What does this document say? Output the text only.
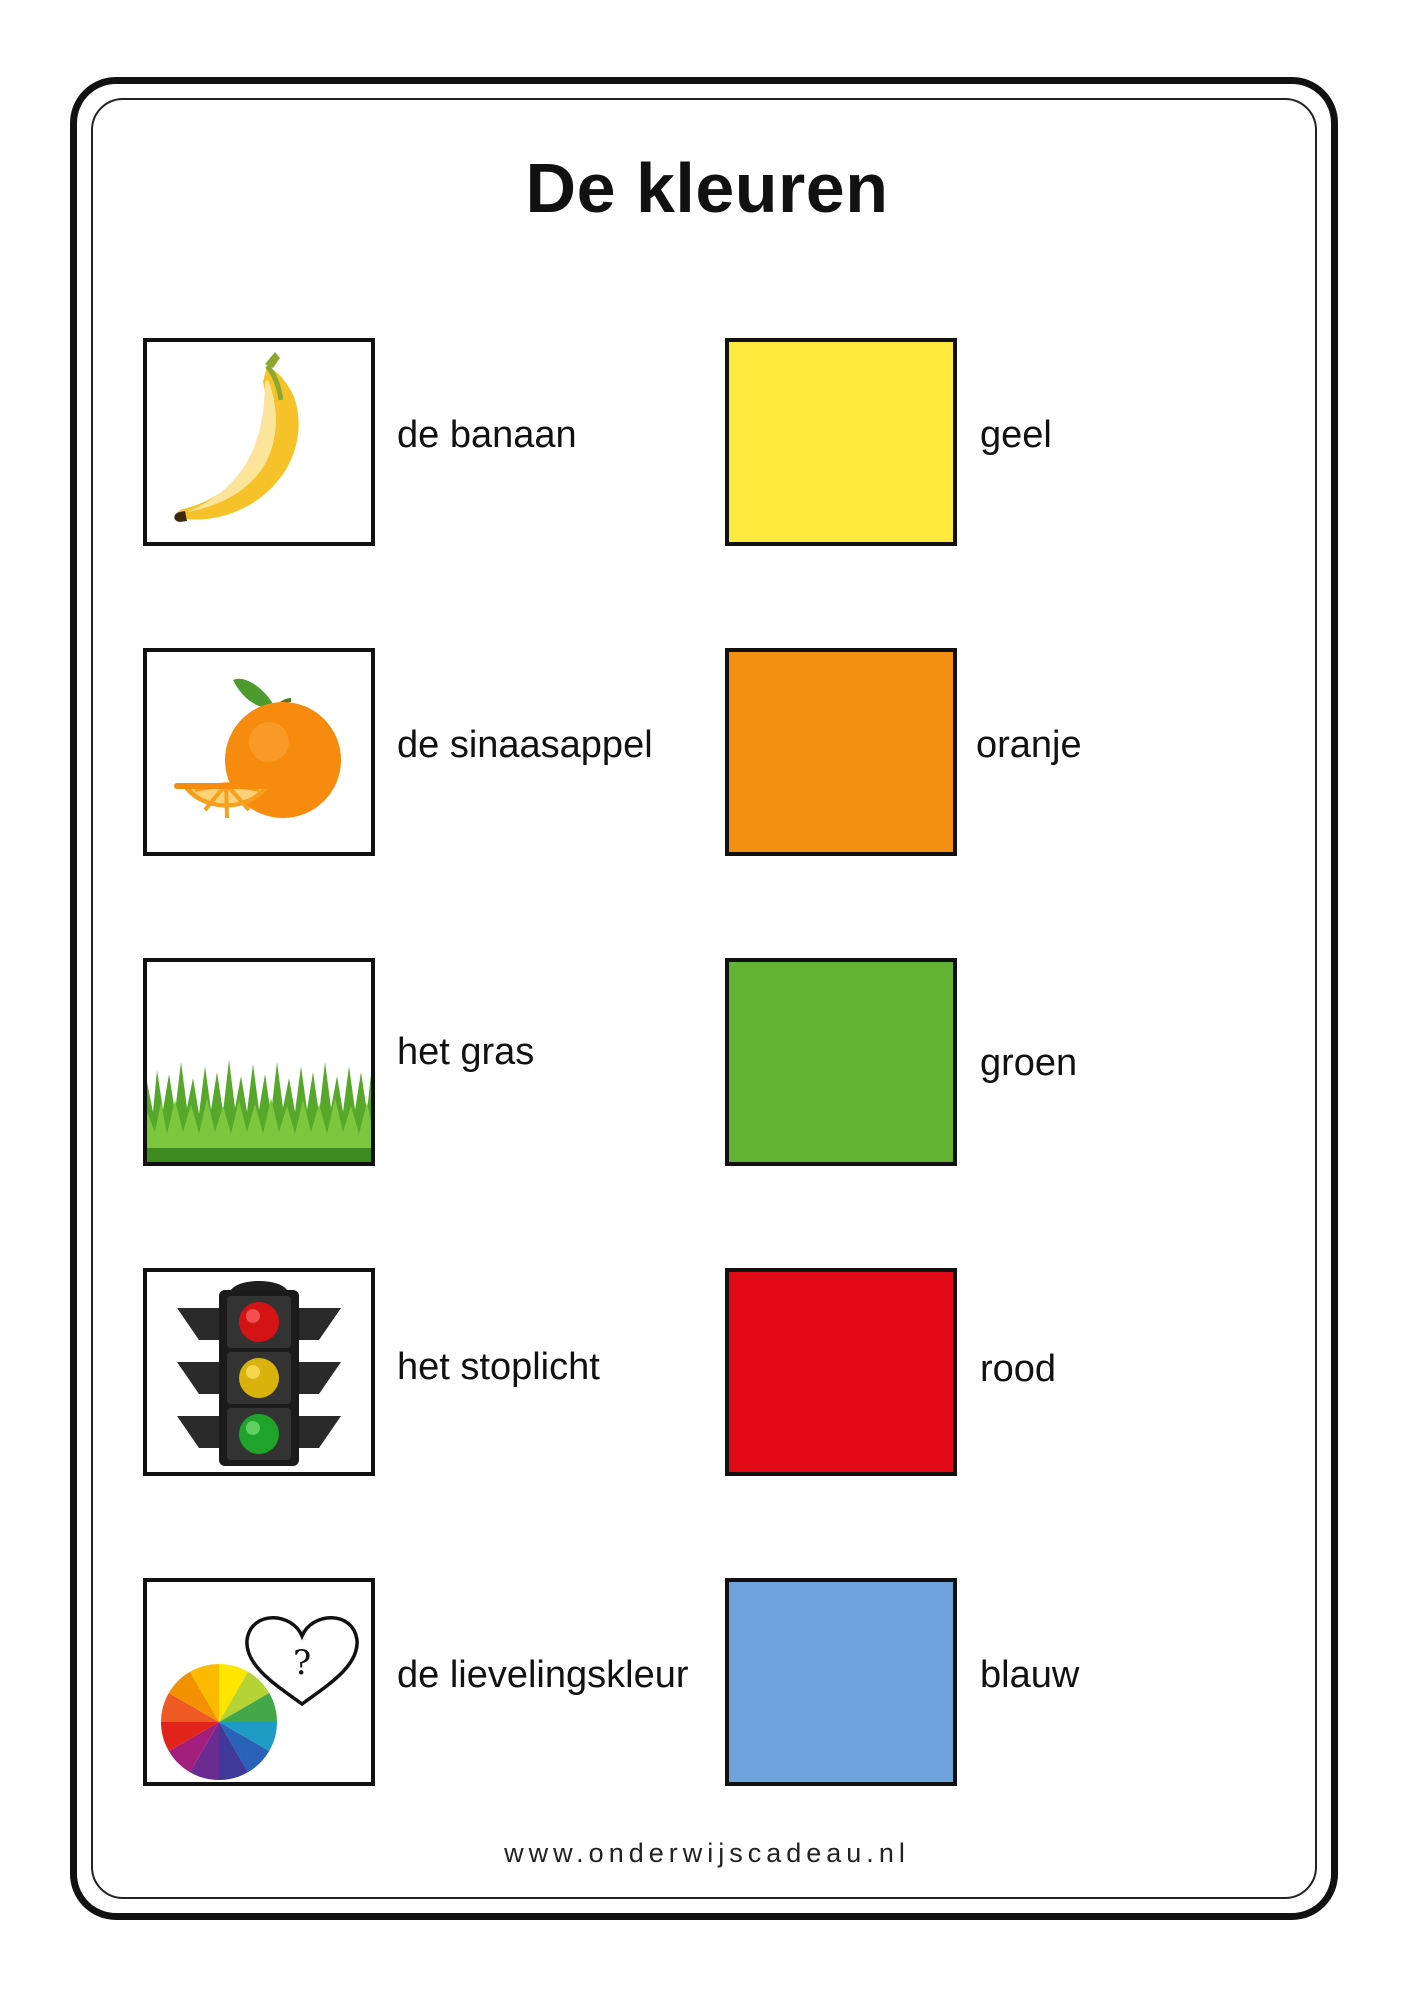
De kleuren
de banaan	geel
de sinaasappel	oranje
het gras	groen
het stoplicht	rood
? de lievelingskleur	blauw
www.onderwijscadeau.nl
